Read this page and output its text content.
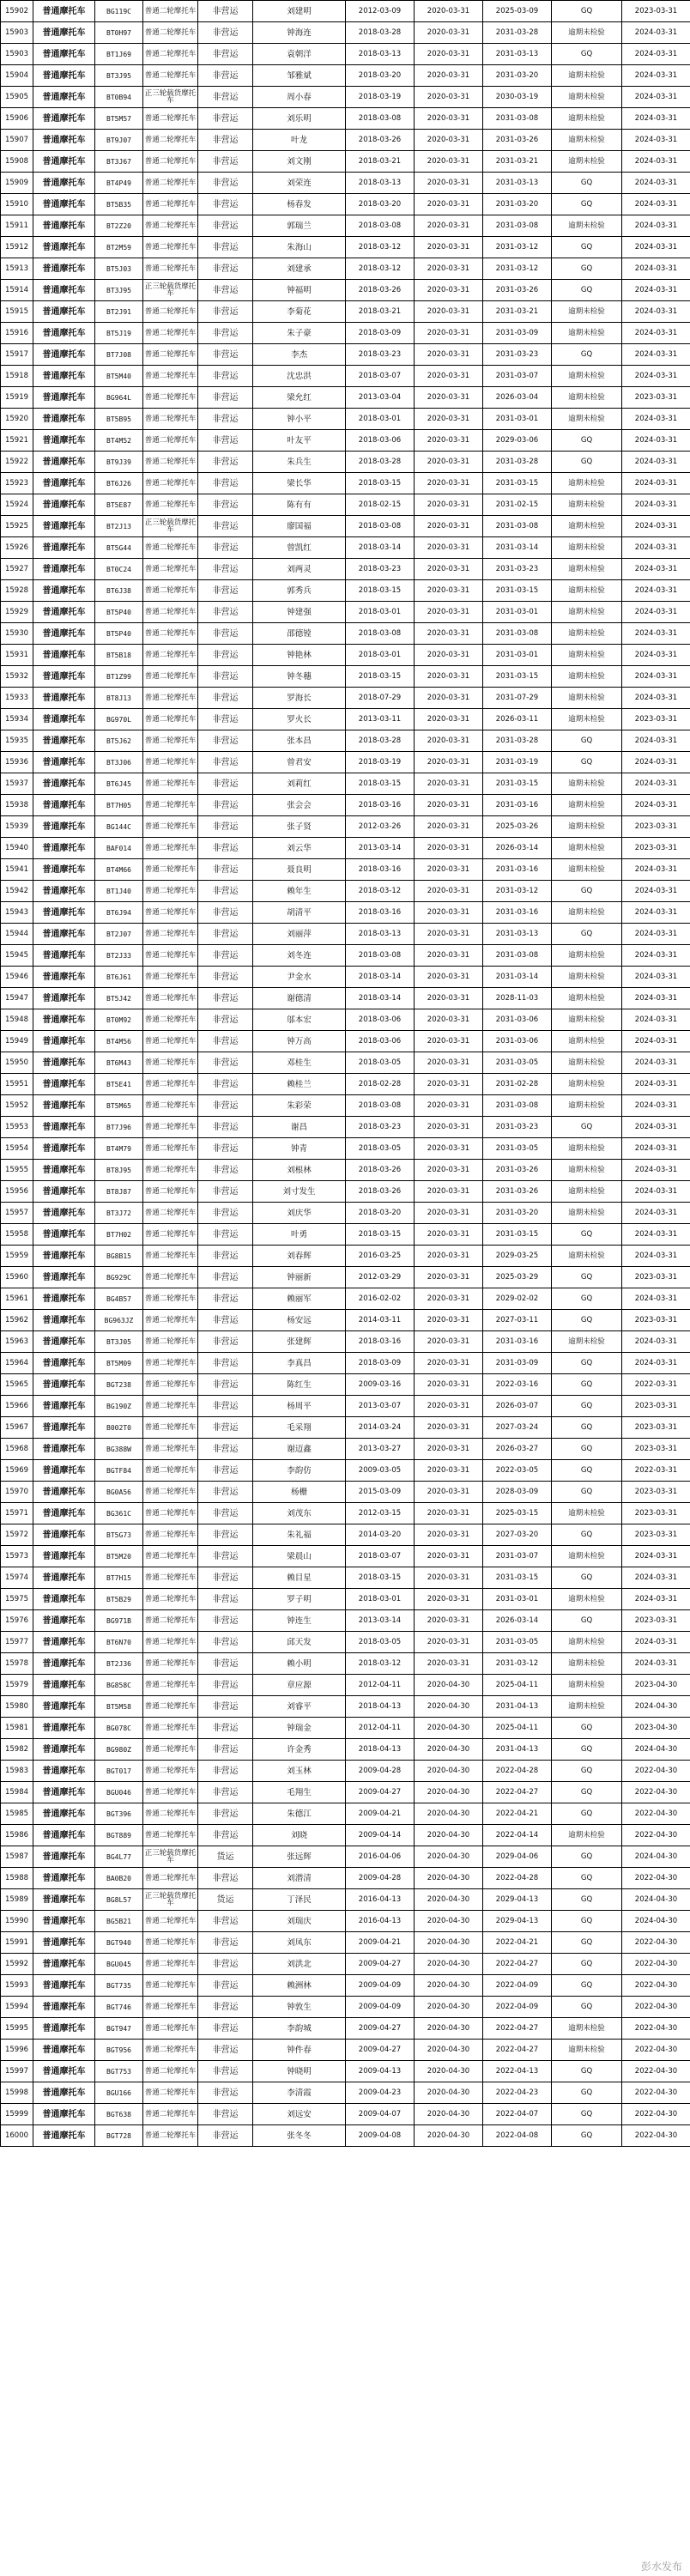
15902	普通摩托车	BG119C	普通二轮摩托车	非营运	刘建明	2012-03-09	2020-03-31	2025-03-09	GQ	2023-03-31
15903	普通摩托车	BT0H97	普通二轮摩托车	非营运	钟海连	2018-03-28	2020-03-31	2031-03-28	逾期未检验	2024-03-31
15903	普通摩托车	BT1J69	普通二轮摩托车	非营运	袁朝洋	2018-03-13	2020-03-31	2031-03-13	GQ	2024-03-31
15904	普通摩托车	BT3J95	普通二轮摩托车	非营运	邹雅斌	2018-03-20	2020-03-31	2031-03-20	逾期未检验	2024-03-31
15905	普通摩托车	BT0B94	正三轮载货摩托车	非营运	周小春	2018-03-19	2020-03-31	2030-03-19	逾期未检验	2024-03-31
15906	普通摩托车	BT5M57	普通二轮摩托车	非营运	刘乐明	2018-03-08	2020-03-31	2031-03-08	逾期未检验	2024-03-31
15907	普通摩托车	BT9J07	普通二轮摩托车	非营运	叶龙	2018-03-26	2020-03-31	2031-03-26	逾期未检验	2024-03-31
15908	普通摩托车	BT3J67	普通二轮摩托车	非营运	刘文刚	2018-03-21	2020-03-31	2031-03-21	逾期未检验	2024-03-31
15909	普通摩托车	BT4P49	普通二轮摩托车	非营运	刘荣连	2018-03-13	2020-03-31	2031-03-13	GQ	2024-03-31
15910	普通摩托车	BT5B35	普通二轮摩托车	非营运	杨春发	2018-03-20	2020-03-31	2031-03-20	GQ	2024-03-31
15911	普通摩托车	BT2Z20	普通二轮摩托车	非营运	郭瑞兰	2018-03-08	2020-03-31	2031-03-08	逾期未检验	2024-03-31
15912	普通摩托车	BT2M59	普通二轮摩托车	非营运	朱海山	2018-03-12	2020-03-31	2031-03-12	GQ	2024-03-31
15913	普通摩托车	BT5J03	普通二轮摩托车	非营运	刘建承	2018-03-12	2020-03-31	2031-03-12	GQ	2024-03-31
15914	普通摩托车	BT3J95	正三轮载货摩托车	非营运	钟福明	2018-03-26	2020-03-31	2031-03-26	GQ	2024-03-31
15915	普通摩托车	BT2J91	普通二轮摩托车	非营运	李菊花	2018-03-21	2020-03-31	2031-03-21	逾期未检验	2024-03-31
15916	普通摩托车	BT5J19	普通二轮摩托车	非营运	朱子豪	2018-03-09	2020-03-31	2031-03-09	逾期未检验	2024-03-31
15917	普通摩托车	BT7J08	普通二轮摩托车	非营运	李杰	2018-03-23	2020-03-31	2031-03-23	GQ	2024-03-31
15918	普通摩托车	BT5M40	普通二轮摩托车	非营运	沈忠洪	2018-03-07	2020-03-31	2031-03-07	逾期未检验	2024-03-31
15919	普通摩托车	BG964L	普通二轮摩托车	非营运	梁允红	2013-03-04	2020-03-31	2026-03-04	逾期未检验	2023-03-31
15920	普通摩托车	BT5B95	普通二轮摩托车	非营运	钟小平	2018-03-01	2020-03-31	2031-03-01	逾期未检验	2024-03-31
15921	普通摩托车	BT4M52	普通二轮摩托车	非营运	叶友平	2018-03-06	2020-03-31	2029-03-06	GQ	2024-03-31
15922	普通摩托车	BT9J39	普通二轮摩托车	非营运	朱兵生	2018-03-28	2020-03-31	2031-03-28	GQ	2024-03-31
15923	普通摩托车	BT6J26	普通二轮摩托车	非营运	梁长华	2018-03-15	2020-03-31	2031-03-15	逾期未检验	2024-03-31
15924	普通摩托车	BT5E87	普通二轮摩托车	非营运	陈有有	2018-02-15	2020-03-31	2031-02-15	逾期未检验	2024-03-31
15925	普通摩托车	BT2J13	正三轮载货摩托车	非营运	廖国福	2018-03-08	2020-03-31	2031-03-08	逾期未检验	2024-03-31
15926	普通摩托车	BT5G44	普通二轮摩托车	非营运	曾凯红	2018-03-14	2020-03-31	2031-03-14	逾期未检验	2024-03-31
15927	普通摩托车	BT0C24	普通二轮摩托车	非营运	刘两灵	2018-03-23	2020-03-31	2031-03-23	逾期未检验	2024-03-31
15928	普通摩托车	BT6J38	普通二轮摩托车	非营运	郭秀兵	2018-03-15	2020-03-31	2031-03-15	逾期未检验	2024-03-31
15929	普通摩托车	BT5P40	普通二轮摩托车	非营运	钟建强	2018-03-01	2020-03-31	2031-03-01	逾期未检验	2024-03-31
15930	普通摩托车	BT5P40	普通二轮摩托车	非营运	邵德镗	2018-03-08	2020-03-31	2031-03-08	逾期未检验	2024-03-31
15931	普通摩托车	BT5B18	普通二轮摩托车	非营运	钟艳林	2018-03-01	2020-03-31	2031-03-01	逾期未检验	2024-03-31
15932	普通摩托车	BT1Z99	普通二轮摩托车	非营运	钟冬穗	2018-03-15	2020-03-31	2031-03-15	逾期未检验	2024-03-31
15933	普通摩托车	BT8J13	普通二轮摩托车	非营运	罗海长	2018-07-29	2020-03-31	2031-07-29	逾期未检验	2024-03-31
15934	普通摩托车	BG970L	普通二轮摩托车	非营运	罗火长	2013-03-11	2020-03-31	2026-03-11	逾期未检验	2023-03-31
15935	普通摩托车	BT5J62	普通二轮摩托车	非营运	张本昌	2018-03-28	2020-03-31	2031-03-28	GQ	2024-03-31
15936	普通摩托车	BT3J06	普通二轮摩托车	非营运	曾君安	2018-03-19	2020-03-31	2031-03-19	GQ	2024-03-31
15937	普通摩托车	BT6J45	普通二轮摩托车	非营运	刘莉红	2018-03-15	2020-03-31	2031-03-15	逾期未检验	2024-03-31
15938	普通摩托车	BT7H05	普通二轮摩托车	非营运	张会会	2018-03-16	2020-03-31	2031-03-16	逾期未检验	2024-03-31
15939	普通摩托车	BG144C	普通二轮摩托车	非营运	张子贤	2012-03-26	2020-03-31	2025-03-26	逾期未检验	2023-03-31
15940	普通摩托车	BAF014	普通二轮摩托车	非营运	刘云华	2013-03-14	2020-03-31	2026-03-14	逾期未检验	2023-03-31
15941	普通摩托车	BT4M66	普通二轮摩托车	非营运	聂良明	2018-03-16	2020-03-31	2031-03-16	逾期未检验	2024-03-31
15942	普通摩托车	BT1J40	普通二轮摩托车	非营运	赖年生	2018-03-12	2020-03-31	2031-03-12	GQ	2024-03-31
15943	普通摩托车	BT6J94	普通二轮摩托车	非营运	胡清平	2018-03-16	2020-03-31	2031-03-16	逾期未检验	2024-03-31
15944	普通摩托车	BT2J07	普通二轮摩托车	非营运	刘丽萍	2018-03-13	2020-03-31	2031-03-13	GQ	2024-03-31
15945	普通摩托车	BT2J33	普通二轮摩托车	非营运	刘冬连	2018-03-08	2020-03-31	2031-03-08	逾期未检验	2024-03-31
15946	普通摩托车	BT6J61	普通二轮摩托车	非营运	尹金水	2018-03-14	2020-03-31	2031-03-14	逾期未检验	2024-03-31
15947	普通摩托车	BT5J42	普通二轮摩托车	非营运	谢德清	2018-03-14	2020-03-31	2028-11-03	逾期未检验	2024-03-31
15948	普通摩托车	BT0M92	普通二轮摩托车	非营运	邬本宏	2018-03-06	2020-03-31	2031-03-06	逾期未检验	2024-03-31
15949	普通摩托车	BT4M56	普通二轮摩托车	非营运	钟万高	2018-03-06	2020-03-31	2031-03-06	逾期未检验	2024-03-31
15950	普通摩托车	BT6M43	普通二轮摩托车	非营运	邓桂生	2018-03-05	2020-03-31	2031-03-05	逾期未检验	2024-03-31
15951	普通摩托车	BT5E41	普通二轮摩托车	非营运	赖桂兰	2018-02-28	2020-03-31	2031-02-28	逾期未检验	2024-03-31
15952	普通摩托车	BT5M65	普通二轮摩托车	非营运	朱彩荣	2018-03-08	2020-03-31	2031-03-08	逾期未检验	2024-03-31
15953	普通摩托车	BT7J96	普通二轮摩托车	非营运	谢昌	2018-03-23	2020-03-31	2031-03-23	GQ	2024-03-31
15954	普通摩托车	BT4M79	普通二轮摩托车	非营运	钟青	2018-03-05	2020-03-31	2031-03-05	逾期未检验	2024-03-31
15955	普通摩托车	BT8J95	普通二轮摩托车	非营运	刘根林	2018-03-26	2020-03-31	2031-03-26	逾期未检验	2024-03-31
15956	普通摩托车	BT8J87	普通二轮摩托车	非营运	刘寸发生	2018-03-26	2020-03-31	2031-03-26	逾期未检验	2024-03-31
15957	普通摩托车	BT3J72	普通二轮摩托车	非营运	刘庆华	2018-03-20	2020-03-31	2031-03-20	逾期未检验	2024-03-31
15958	普通摩托车	BT7H02	普通二轮摩托车	非营运	叶勇	2018-03-15	2020-03-31	2031-03-15	GQ	2024-03-31
15959	普通摩托车	BG8B15	普通二轮摩托车	非营运	刘春辉	2016-03-25	2020-03-31	2029-03-25	逾期未检验	2024-03-31
15960	普通摩托车	BG929C	普通二轮摩托车	非营运	钟丽新	2012-03-29	2020-03-31	2025-03-29	GQ	2023-03-31
15961	普通摩托车	BG4B57	普通二轮摩托车	非营运	赖丽军	2016-02-02	2020-03-31	2029-02-02	GQ	2024-03-31
15962	普通摩托车	BG963JZ	普通二轮摩托车	非营运	杨安远	2014-03-11	2020-03-31	2027-03-11	GQ	2023-03-31
15963	普通摩托车	BT3J05	普通二轮摩托车	非营运	张建辉	2018-03-16	2020-03-31	2031-03-16	逾期未检验	2024-03-31
15964	普通摩托车	BT5M09	普通二轮摩托车	非营运	李真昌	2018-03-09	2020-03-31	2031-03-09	GQ	2024-03-31
15965	普通摩托车	BGT238	普通二轮摩托车	非营运	陈红生	2009-03-16	2020-03-31	2022-03-16	GQ	2022-03-31
15966	普通摩托车	BG190Z	普通二轮摩托车	非营运	杨周平	2013-03-07	2020-03-31	2026-03-07	GQ	2023-03-31
15967	普通摩托车	B002T0	普通二轮摩托车	非营运	毛采翔	2014-03-24	2020-03-31	2027-03-24	GQ	2023-03-31
15968	普通摩托车	BG388W	普通二轮摩托车	非营运	谢迈鑫	2013-03-27	2020-03-31	2026-03-27	GQ	2023-03-31
15969	普通摩托车	BGTF84	普通二轮摩托车	非营运	李韵仿	2009-03-05	2020-03-31	2022-03-05	GQ	2022-03-31
15970	普通摩托车	BG0A56	普通二轮摩托车	非营运	杨栅	2015-03-09	2020-03-31	2028-03-09	GQ	2023-03-31
15971	普通摩托车	BG361C	普通二轮摩托车	非营运	刘茂东	2012-03-15	2020-03-31	2025-03-15	逾期未检验	2023-03-31
15972	普通摩托车	BT5G73	普通二轮摩托车	非营运	朱礼福	2014-03-20	2020-03-31	2027-03-20	GQ	2023-03-31
15973	普通摩托车	BT5M20	普通二轮摩托车	非营运	梁晨山	2018-03-07	2020-03-31	2031-03-07	逾期未检验	2024-03-31
15974	普通摩托车	BT7H15	普通二轮摩托车	非营运	赖目星	2018-03-15	2020-03-31	2031-03-15	GQ	2024-03-31
15975	普通摩托车	BT5B29	普通二轮摩托车	非营运	罗子明	2018-03-01	2020-03-31	2031-03-01	逾期未检验	2024-03-31
15976	普通摩托车	BG971B	普通二轮摩托车	非营运	钟连生	2013-03-14	2020-03-31	2026-03-14	GQ	2023-03-31
15977	普通摩托车	BT6N70	普通二轮摩托车	非营运	邱天发	2018-03-05	2020-03-31	2031-03-05	逾期未检验	2024-03-31
15978	普通摩托车	BT2J36	普通二轮摩托车	非营运	赖小明	2018-03-12	2020-03-31	2031-03-12	逾期未检验	2024-03-31
15979	普通摩托车	BG858C	普通二轮摩托车	非营运	章应源	2012-04-11	2020-04-30	2025-04-11	逾期未检验	2023-04-30
15980	普通摩托车	BT5M58	普通二轮摩托车	非营运	刘睿平	2018-04-13	2020-04-30	2031-04-13	逾期未检验	2024-04-30
15981	普通摩托车	BG078C	普通二轮摩托车	非营运	钟瑞金	2012-04-11	2020-04-30	2025-04-11	GQ	2023-04-30
15982	普通摩托车	BG980Z	普通二轮摩托车	非营运	许金秀	2018-04-13	2020-04-30	2031-04-13	GQ	2024-04-30
15983	普通摩托车	BGT017	普通二轮摩托车	非营运	刘玉林	2009-04-28	2020-04-30	2022-04-28	GQ	2022-04-30
15984	普通摩托车	BGU046	普通二轮摩托车	非营运	毛翔生	2009-04-27	2020-04-30	2022-04-27	GQ	2022-04-30
15985	普通摩托车	BGT396	普通二轮摩托车	非营运	朱德江	2009-04-21	2020-04-30	2022-04-21	GQ	2022-04-30
15986	普通摩托车	BGT889	普通二轮摩托车	非营运	刘晓	2009-04-14	2020-04-30	2022-04-14	逾期未检验	2022-04-30
15987	普通摩托车	BG4L77	正三轮载货摩托车	货运	张远辉	2016-04-06	2020-04-30	2029-04-06	GQ	2024-04-30
15988	普通摩托车	BA0B20	普通二轮摩托车	非营运	刘潜清	2009-04-28	2020-04-30	2022-04-28	GQ	2022-04-30
15989	普通摩托车	BG8L57	正三轮载货摩托车	货运	丁泽民	2016-04-13	2020-04-30	2029-04-13	GQ	2024-04-30
15990	普通摩托车	BG5B21	普通二轮摩托车	非营运	刘瑞庆	2016-04-13	2020-04-30	2029-04-13	GQ	2024-04-30
15991	普通摩托车	BGT940	普通二轮摩托车	非营运	刘凤东	2009-04-21	2020-04-30	2022-04-21	GQ	2022-04-30
15992	普通摩托车	BGU045	普通二轮摩托车	非营运	刘洪北	2009-04-27	2020-04-30	2022-04-27	GQ	2022-04-30
15993	普通摩托车	BGT735	普通二轮摩托车	非营运	赖洲林	2009-04-09	2020-04-30	2022-04-09	GQ	2022-04-30
15994	普通摩托车	BGT746	普通二轮摩托车	非营运	钟敦生	2009-04-09	2020-04-30	2022-04-09	GQ	2022-04-30
15995	普通摩托车	BGT947	普通二轮摩托车	非营运	李韵城	2009-04-27	2020-04-30	2022-04-27	逾期未检验	2022-04-30
15996	普通摩托车	BGT956	普通二轮摩托车	非营运	钟件春	2009-04-27	2020-04-30	2022-04-27	逾期未检验	2022-04-30
15997	普通摩托车	BGT753	普通二轮摩托车	非营运	钟晓明	2009-04-13	2020-04-30	2022-04-13	GQ	2022-04-30
15998	普通摩托车	BGU166	普通二轮摩托车	非营运	李清霞	2009-04-23	2020-04-30	2022-04-23	GQ	2022-04-30
15999	普通摩托车	BGT638	普通二轮摩托车	非营运	刘远安	2009-04-07	2020-04-30	2022-04-07	GQ	2022-04-30
16000	普通摩托车	BGT728	普通二轮摩托车	非营运	张冬冬	2009-04-08	2020-04-30	2022-04-08	GQ	2022-04-30
彭水发布
